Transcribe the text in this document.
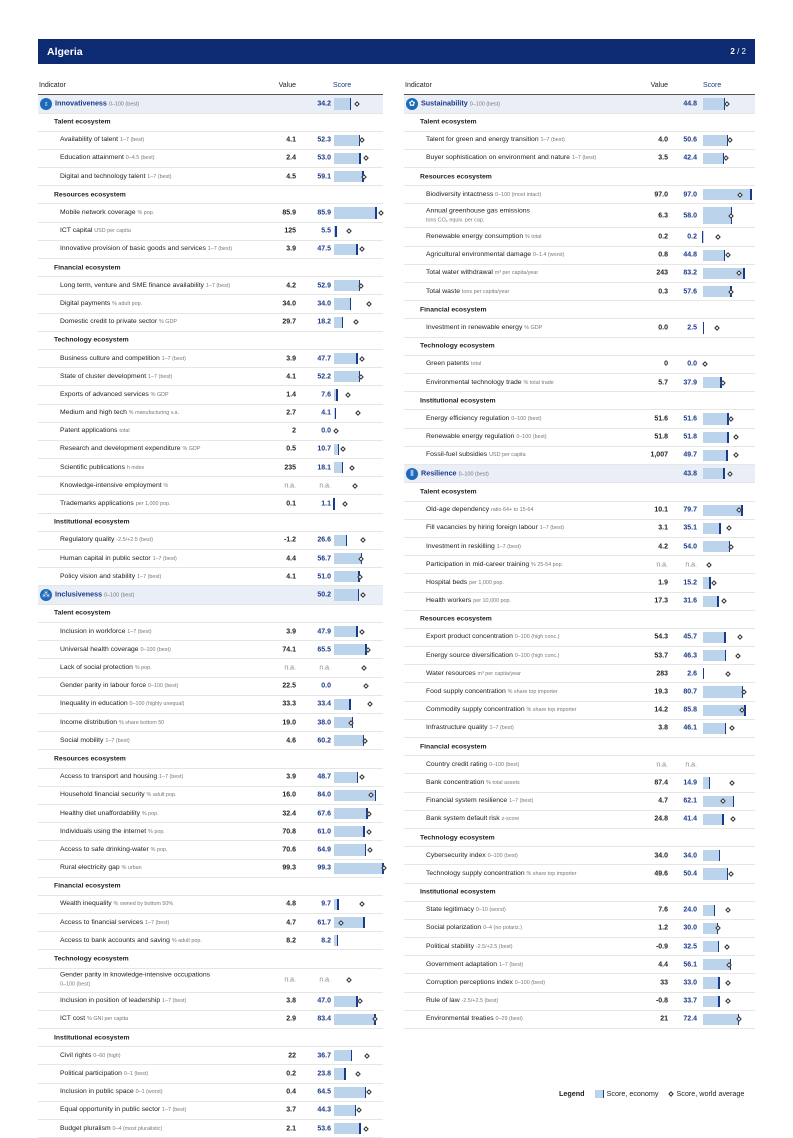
Algeria	2 / 2
Indicator	Value	Score
♁ Innovativeness 0–100 (best)	34.2
Talent ecosystem
Availability of talent 1–7 (best)	4.1	52.3
Education attainment 0–4.5 (best)	2.4	53.0
Digital and technology talent 1–7 (best)	4.5	59.1
Resources ecosystem
Mobile network coverage % pop.	85.9	85.9
ICT capital USD per capita	125	5.5
Innovative provision of basic goods and services 1–7 (best)	3.9	47.5
Financial ecosystem
Long term, venture and SME finance availability 1–7 (best)	4.2	52.9
Digital payments % adult pop.	34.0	34.0
Domestic credit to private sector % GDP	29.7	18.2
Technology ecosystem
Business culture and competition 1–7 (best)	3.9	47.7
State of cluster development 1–7 (best)	4.1	52.2
Exports of advanced services % GDP	1.4	7.6
Medium and high tech % manufacturing v.a.	2.7	4.1
Patent applications total	2	0.0
Research and development expenditure % GDP	0.5	10.7
Scientific publications h index	235	18.1
Knowledge-intensive employment %	n.a.	n.a.
Trademarks applications per 1,000 pop.	0.1	1.1
Institutional ecosystem
Regulatory quality -2.5/+2.5 (best)	-1.2	26.6
Human capital in public sector 1–7 (best)	4.4	56.7
Policy vision and stability 1–7 (best)	4.1	51.0
⁂ Inclusiveness 0–100 (best)	50.2
Talent ecosystem
Inclusion in workforce 1–7 (best)	3.9	47.9
Universal health coverage 0–100 (best)	74.1	65.5
Lack of social protection % pop.	n.a.	n.a.
Gender parity in labour force 0–100 (best)	22.5	0.0
Inequality in education 0–100 (highly unequal)	33.3	33.4
Income distribution % share bottom 50	19.0	38.0
Social mobility 1–7 (best)	4.6	60.2
Resources ecosystem
Access to transport and housing 1–7 (best)	3.9	48.7
Household financial security % adult pop.	16.0	84.0
Healthy diet unaffordability % pop.	32.4	67.6
Individuals using the internet % pop.	70.8	61.0
Access to safe drinking-water % pop.	70.6	64.9
Rural electricity gap % urban	99.3	99.3
Financial ecosystem
Wealth inequality % owned by bottom 50%	4.8	9.7
Access to financial services 1–7 (best)	4.7	61.7
Access to bank accounts and saving % adult pop.	8.2	8.2
Technology ecosystem
Gender parity in knowledge-intensive occupations
0–100 (best)
n.a.	n.a.
Inclusion in position of leadership 1–7 (best)	3.8	47.0
ICT cost % GNI per capita	2.9	83.4
Institutional ecosystem
Civil rights 0–60 (high)	22	36.7
Political participation 0–1 (best)	0.2	23.8
Inclusion in public space 0–1 (worst)	0.4	64.5
Equal opportunity in public sector 1–7 (best)	3.7	44.3
Budget pluralism 0–4 (most pluralistic)	2.1	53.6
Indicator	Value	Score
✿ Sustainability 0–100 (best)	44.8
Talent ecosystem
Talent for green and energy transition 1–7 (best)	4.0	50.6
Buyer sophistication on environment and nature 1–7 (best)	3.5	42.4
Resources ecosystem
Biodiversity intactness 0–100 (most intact)	97.0	97.0
Annual greenhouse gas emissions
tons CO₂ equiv. per cap.
6.3	58.0
Renewable energy consumption % total	0.2	0.2
Agricultural environmental damage 0–1.4 (worst)	0.8	44.8
Total water withdrawal m³ per capita/year	243	83.2
Total waste tons per capita/year	0.3	57.6
Financial ecosystem
Investment in renewable energy % GDP	0.0	2.5
Technology ecosystem
Green patents total	0	0.0
Environmental technology trade % total trade	5.7	37.9
Institutional ecosystem
Energy efficiency regulation 0–100 (best)	51.6	51.6
Renewable energy regulation 0–100 (best)	51.8	51.8
Fossil-fuel subsidies USD per capita	1,007	49.7
⦀	Resilience 0–100 (best)	43.8
Talent ecosystem
Old-age dependency ratio 64+ to 15-64	10.1	79.7
Fill vacancies by hiring foreign labour 1–7 (best)	3.1	35.1
Investment in reskilling 1–7 (best)	4.2	54.0
Participation in mid-career training % 25-54 pop.	n.a.	n.a.
Hospital beds per 1,000 pop.	1.9	15.2
Health workers per 10,000 pop.	17.3	31.6
Resources ecosystem
Export product concentration 0–100 (high conc.)	54.3	45.7
Energy source diversification 0–100 (high conc.)	53.7	46.3
Water resources m³ per capita/year	283	2.6
Food supply concentration % share top importer	19.3	80.7
Commodity supply concentration % share top importer	14.2	85.8
Infrastructure quality 1–7 (best)	3.8	46.1
Financial ecosystem
Country credit rating 0–100 (best)	n.a.	n.a.
Bank concentration % total assets	87.4	14.9
Financial system resilience 1–7 (best)	4.7	62.1
Bank system default risk z-score	24.8	41.4
Technology ecosystem
Cybersecurity index 0–100 (best)	34.0	34.0
Technology supply concentration % share top importer	49.6	50.4
Institutional ecosystem
State legitimacy 0–10 (worst)	7.6	24.0
Social polarization 0–4 (no polariz.)	1.2	30.0
Political stability -2.5/+2.5 (best)	-0.9	32.5
Government adaptation 1–7 (best)	4.4	56.1
Corruption perceptions index 0–100 (best)	33	33.0
Rule of law -2.5/+2.5 (best)	-0.8	33.7
Environmental treaties 0–29 (best)	21	72.4
Legend	Score, economy	Score, world average
